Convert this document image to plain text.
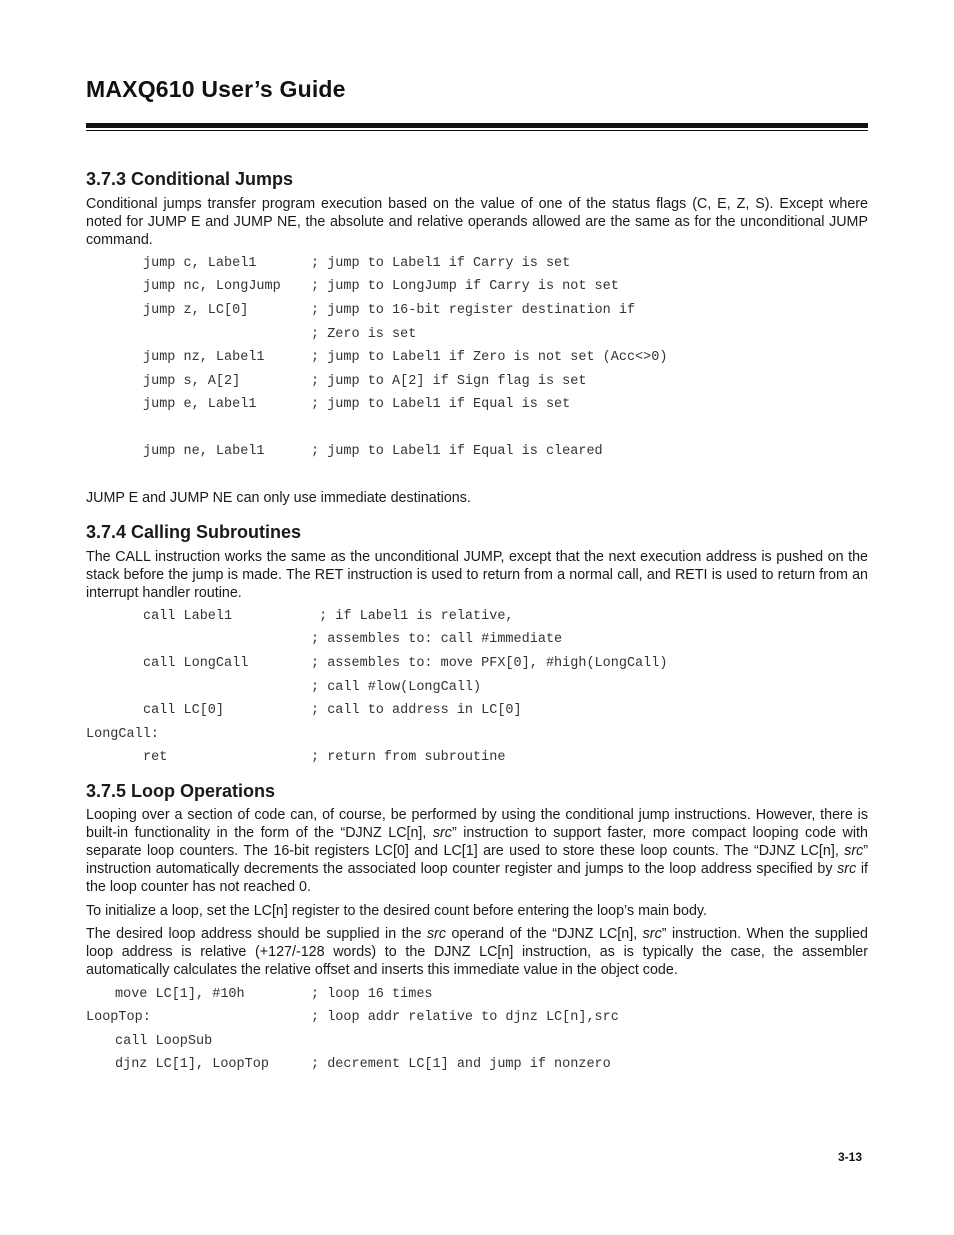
MAXQ610 User’s Guide
3.7.3 Conditional Jumps

Conditional jumps transfer program execution based on the value of one of the status flags (C, E, Z, S). Except where noted for JUMP E and JUMP NE, the absolute and relative operands allowed are the same as for the unconditional JUMP command.

jump c, Label1	; jump to Label1 if Carry is set
jump nc, LongJump ; jump to LongJump if Carry is not set
jump z, LC[0]	; jump to 16-bit register destination if
; Zero is set
jump nz, Label1	; jump to Label1 if Zero is not set (Acc<>0)
jump s, A[2]	; jump to A[2] if Sign flag is set
jump e, Label1	; jump to Label1 if Equal is set
jump ne, Label1	; jump to Label1 if Equal is cleared

JUMP E and JUMP NE can only use immediate destinations.

3.7.4 Calling Subroutines

The CALL instruction works the same as the unconditional JUMP, except that the next execution address is pushed on the stack before the jump is made. The RET instruction is used to return from a normal call, and RETI is used to return from an interrupt handler routine.

call Label1	; if Label1 is relative,
; assembles to: call #immediate
call LongCall	; assembles to: move PFX[0], #high(LongCall)
; call #low(LongCall)
call LC[0]	; call to address in LC[0]
LongCall:
ret	; return from subroutine
3.7.5 Loop Operations

Looping over a section of code can, of course, be performed by using the conditional jump instructions. However, there is built-in functionality in the form of the “DJNZ LC[n], src” instruction to support faster, more compact looping code with separate loop counters. The 16-bit registers LC[0] and LC[1] are used to store these loop counts. The “DJNZ LC[n], src” instruction automatically decrements the associated loop counter register and jumps to the loop address specified by src if the loop counter has not reached 0.

To initialize a loop, set the LC[n] register to the desired count before entering the loop’s main body.

The desired loop address should be supplied in the src operand of the “DJNZ LC[n], src” instruction. When the supplied loop address is relative (+127/-128 words) to the DJNZ LC[n] instruction, as is typically the case, the assembler automatically calculates the relative offset and inserts this immediate value in the object code.

move LC[1], #10h	; loop 16 times
LoopTop:	; loop addr relative to djnz LC[n],src
call LoopSub
djnz LC[1], LoopTop	; decrement LC[1] and jump if nonzero
3-13
